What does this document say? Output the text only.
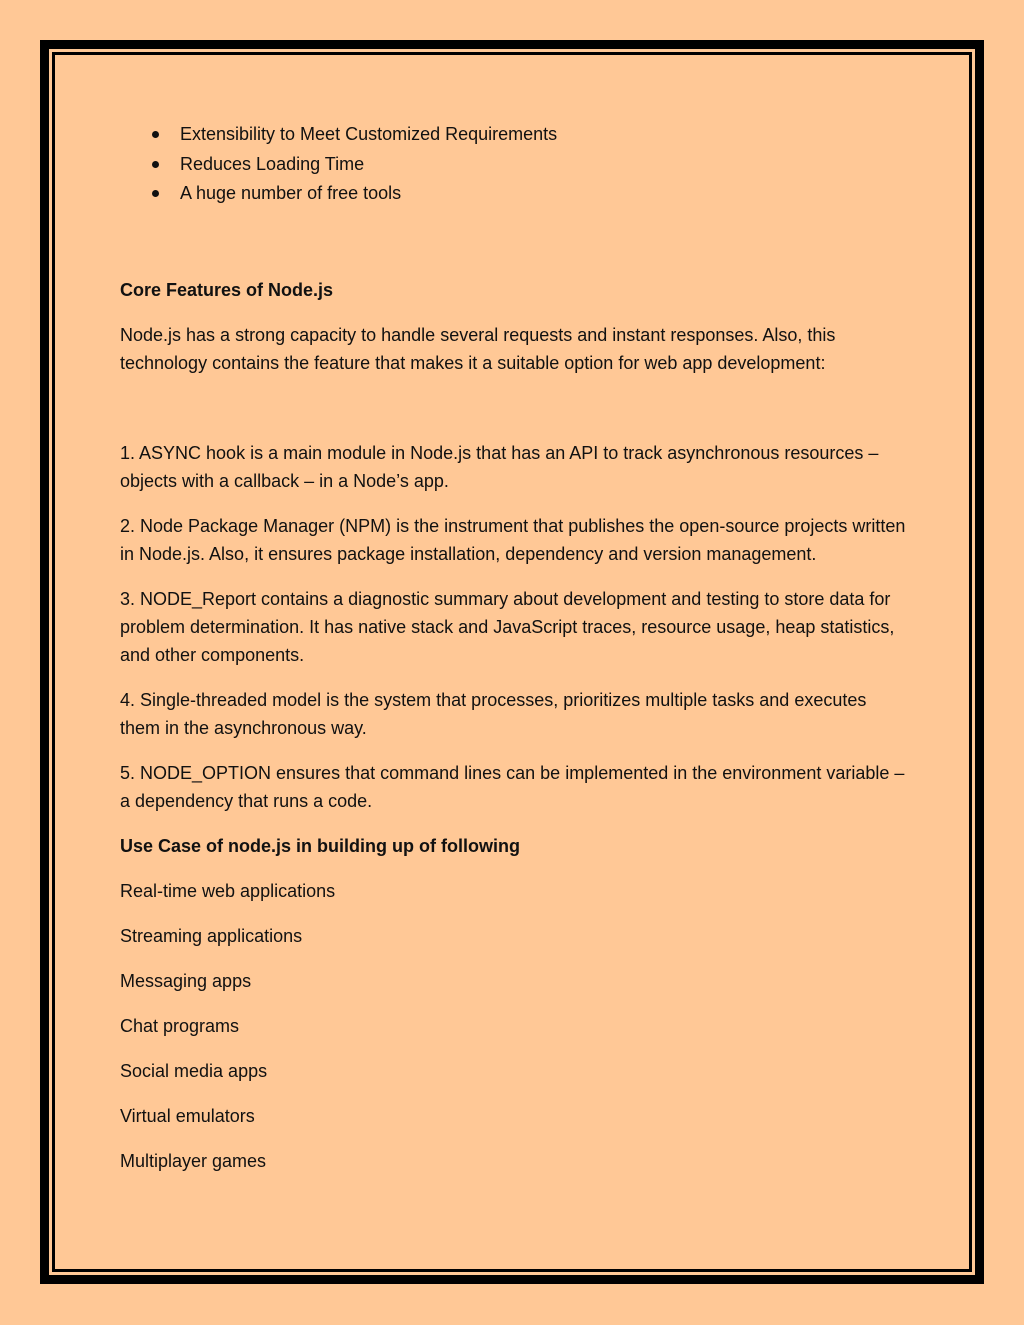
Extensibility to Meet Customized Requirements
Reduces Loading Time
A huge number of free tools

Core Features of Node.js

Node.js has a strong capacity to handle several requests and instant responses. Also, this technology contains the feature that makes it a suitable option for web app development:

1. ASYNC hook is a main module in Node.js that has an API to track asynchronous resources – objects with a callback – in a Node’s app.

2. Node Package Manager (NPM) is the instrument that publishes the open-source projects written in Node.js. Also, it ensures package installation, dependency and version management.

3. NODE_Report contains a diagnostic summary about development and testing to store data for problem determination. It has native stack and JavaScript traces, resource usage, heap statistics, and other components.

4. Single-threaded model is the system that processes, prioritizes multiple tasks and executes them in the asynchronous way.

5. NODE_OPTION ensures that command lines can be implemented in the environment variable – a dependency that runs a code.

Use Case of node.js in building up of following

Real-time web applications

Streaming applications

Messaging apps

Chat programs

Social media apps

Virtual emulators

Multiplayer games
